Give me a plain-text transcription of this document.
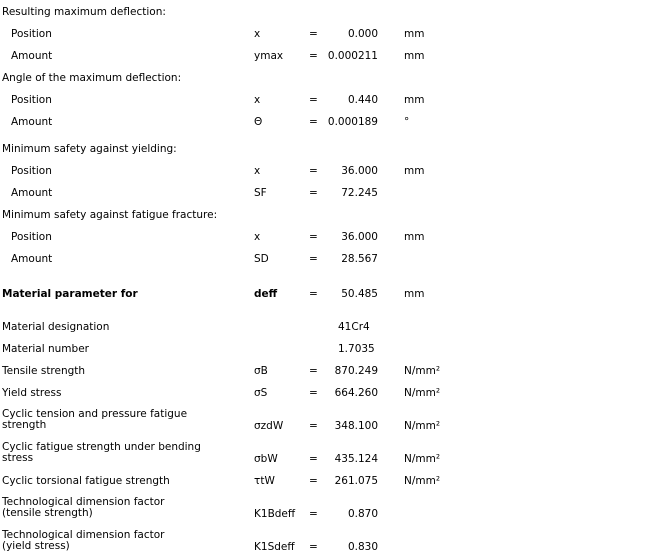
Resulting maximum deflection:
Position	x	=	0.000 mm
Amount	ymax = 0.000211 mm
Angle of the maximum deflection:
Position	x	=	0.440 mm
Amount	Θ	= 0.000189 °
Minimum safety against yielding:
Position	x	=	36.000 mm
Amount	SF	=	72.245
Minimum safety against fatigue fracture:
Position	x	=	36.000 mm
Amount	SD	=	28.567
Material parameter for	deff	=	50.485 mm
Material designation	41Cr4
Material number	1.7035
Tensile strength	σB	=	870.249 N/mm²
Yield stress	σS	=	664.260 N/mm²
Cyclic tension and pressure fatigue
strength	σzdW =	348.100 N/mm²
Cyclic fatigue strength under bending
stress	σbW	=	435.124 N/mm²
Cyclic torsional fatigue strength	τtW	=	261.075 N/mm²
Technological dimension factor
(tensile strength)	K1Bdeff =	0.870
Technological dimension factor
(yield stress)	K1Sdeff =	0.830
